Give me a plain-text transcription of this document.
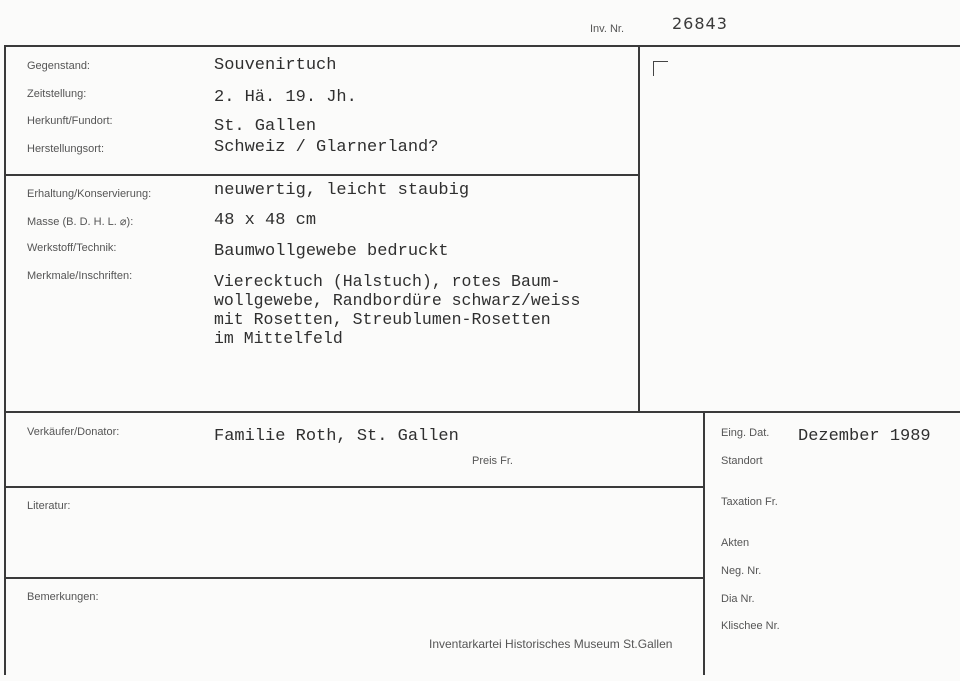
Inv. Nr.	26843
Gegenstand:	Souvenirtuch
Zeitstellung:	2. Hä. 19. Jh.
Herkunft/Fundort:	St. Gallen
Herstellungsort:	Schweiz / Glarnerland?
Erhaltung/Konservierung:	neuwertig, leicht staubig
Masse (B. D. H. L. ⌀):	48 x 48 cm
Werkstoff/Technik:	Baumwollgewebe bedruckt
Merkmale/Inschriften:	Vierecktuch (Halstuch), rotes Baum-
wollgewebe, Randbordüre schwarz/weiss
mit Rosetten, Streublumen-Rosetten
im Mittelfeld
Verkäufer/Donator:	Familie Roth, St. Gallen
Preis Fr.
Literatur:
Bemerkungen:
Eing. Dat. Dezember 1989
Standort
Taxation Fr.
Akten
Neg. Nr.
Dia Nr.
Klischee Nr.
Inventarkartei Historisches Museum St.Gallen
